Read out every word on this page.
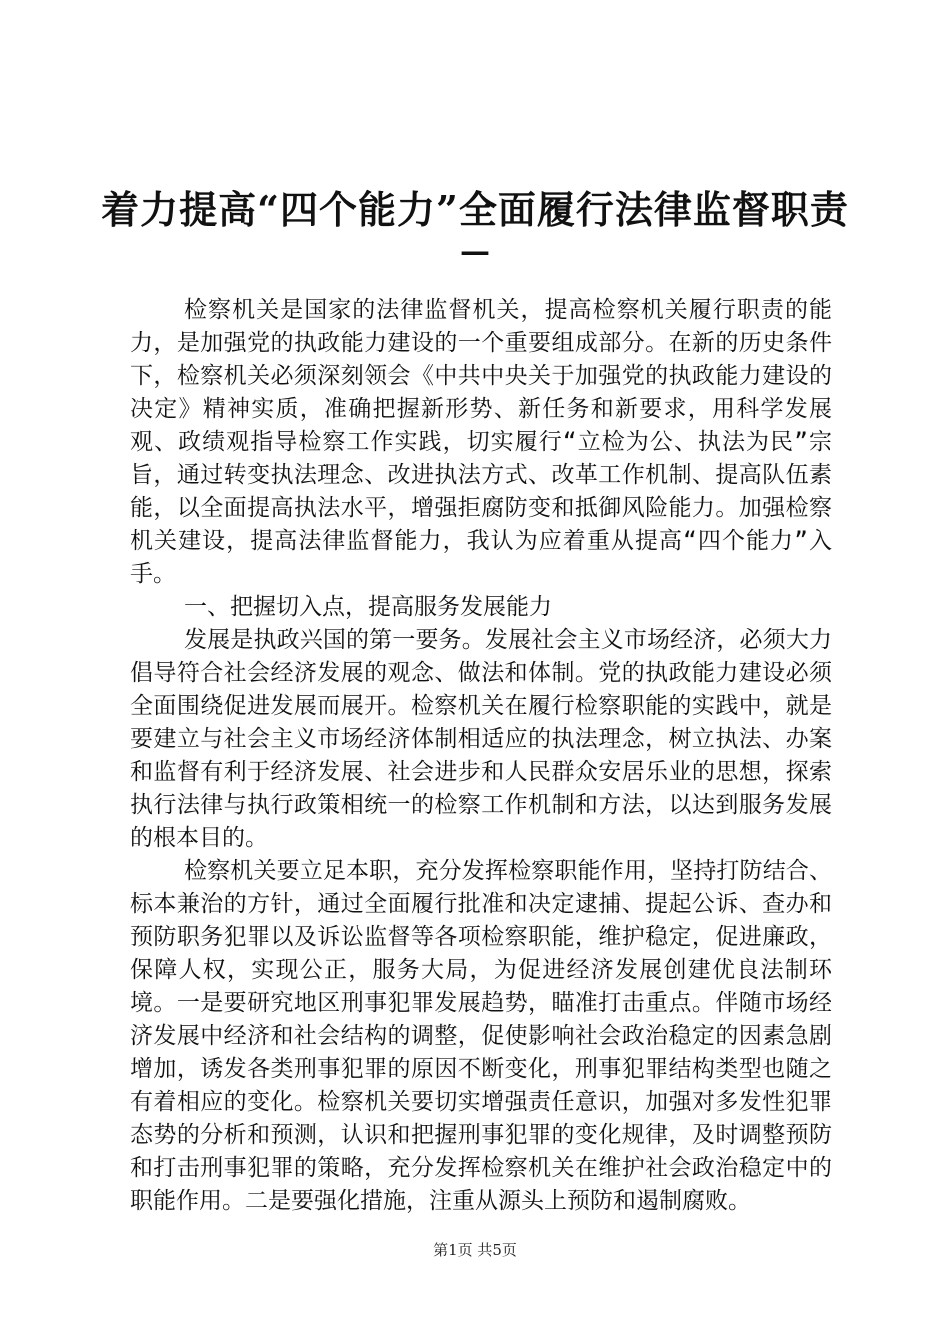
着力提高“四个能力”全面履行法律监督职责
—

检察机关是国家的法律监督机关，提高检察机关履行职责的能力，是加强党的执政能力建设的一个重要组成部分。在新的历史条件下，检察机关必须深刻领会《中共中央关于加强党的执政能力建设的决定》精神实质，准确把握新形势、新任务和新要求，用科学发展观、政绩观指导检察工作实践，切实履行“立检为公、执法为民”宗旨，通过转变执法理念、改进执法方式、改革工作机制、提高队伍素能，以全面提高执法水平，增强拒腐防变和抵御风险能力。加强检察机关建设，提高法律监督能力，我认为应着重从提高“四个能力”入手。

一、把握切入点，提高服务发展能力

发展是执政兴国的第一要务。发展社会主义市场经济，必须大力倡导符合社会经济发展的观念、做法和体制。党的执政能力建设必须全面围绕促进发展而展开。检察机关在履行检察职能的实践中，就是要建立与社会主义市场经济体制相适应的执法理念，树立执法、办案和监督有利于经济发展、社会进步和人民群众安居乐业的思想，探索执行法律与执行政策相统一的检察工作机制和方法，以达到服务发展的根本目的。

检察机关要立足本职，充分发挥检察职能作用，坚持打防结合、标本兼治的方针，通过全面履行批准和决定逮捕、提起公诉、查办和预防职务犯罪以及诉讼监督等各项检察职能，维护稳定，促进廉政，保障人权，实现公正，服务大局，为促进经济发展创建优良法制环境。一是要研究地区刑事犯罪发展趋势，瞄准打击重点。伴随市场经济发展中经济和社会结构的调整，促使影响社会政治稳定的因素急剧增加，诱发各类刑事犯罪的原因不断变化，刑事犯罪结构类型也随之有着相应的变化。检察机关要切实增强责任意识，加强对多发性犯罪态势的分析和预测，认识和把握刑事犯罪的变化规律，及时调整预防和打击刑事犯罪的策略，充分发挥检察机关在维护社会政治稳定中的职能作用。二是要强化措施，注重从源头上预防和遏制腐败。

第1页 共5页
